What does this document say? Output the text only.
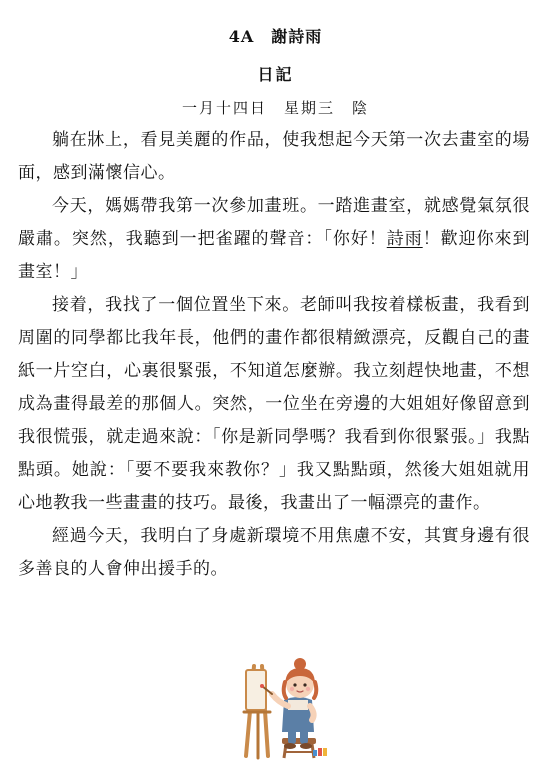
4A　謝詩雨
日記
一月十四日　星期三　陰

躺在牀上，看見美麗的作品，使我想起今天第一次去畫室的場面，感到滿懷信心。

今天，媽媽帶我第一次參加畫班。一踏進畫室，就感覺氣氛很嚴肅。突然，我聽到一把雀躍的聲音：「你好！詩雨！歡迎你來到畫室！」

接着，我找了一個位置坐下來。老師叫我按着樣板畫，我看到周圍的同學都比我年長，他們的畫作都很精緻漂亮，反觀自己的畫紙一片空白，心裏很緊張，不知道怎麼辦。我立刻趕快地畫，不想成為畫得最差的那個人。突然，一位坐在旁邊的大姐姐好像留意到我很慌張，就走過來說：「你是新同學嗎？我看到你很緊張。」我點點頭。她說：「要不要我來教你？」我又點點頭，然後大姐姐就用心地教我一些畫畫的技巧。最後，我畫出了一幅漂亮的畫作。

經過今天，我明白了身處新環境不用焦慮不安，其實身邊有很多善良的人會伸出援手的。
